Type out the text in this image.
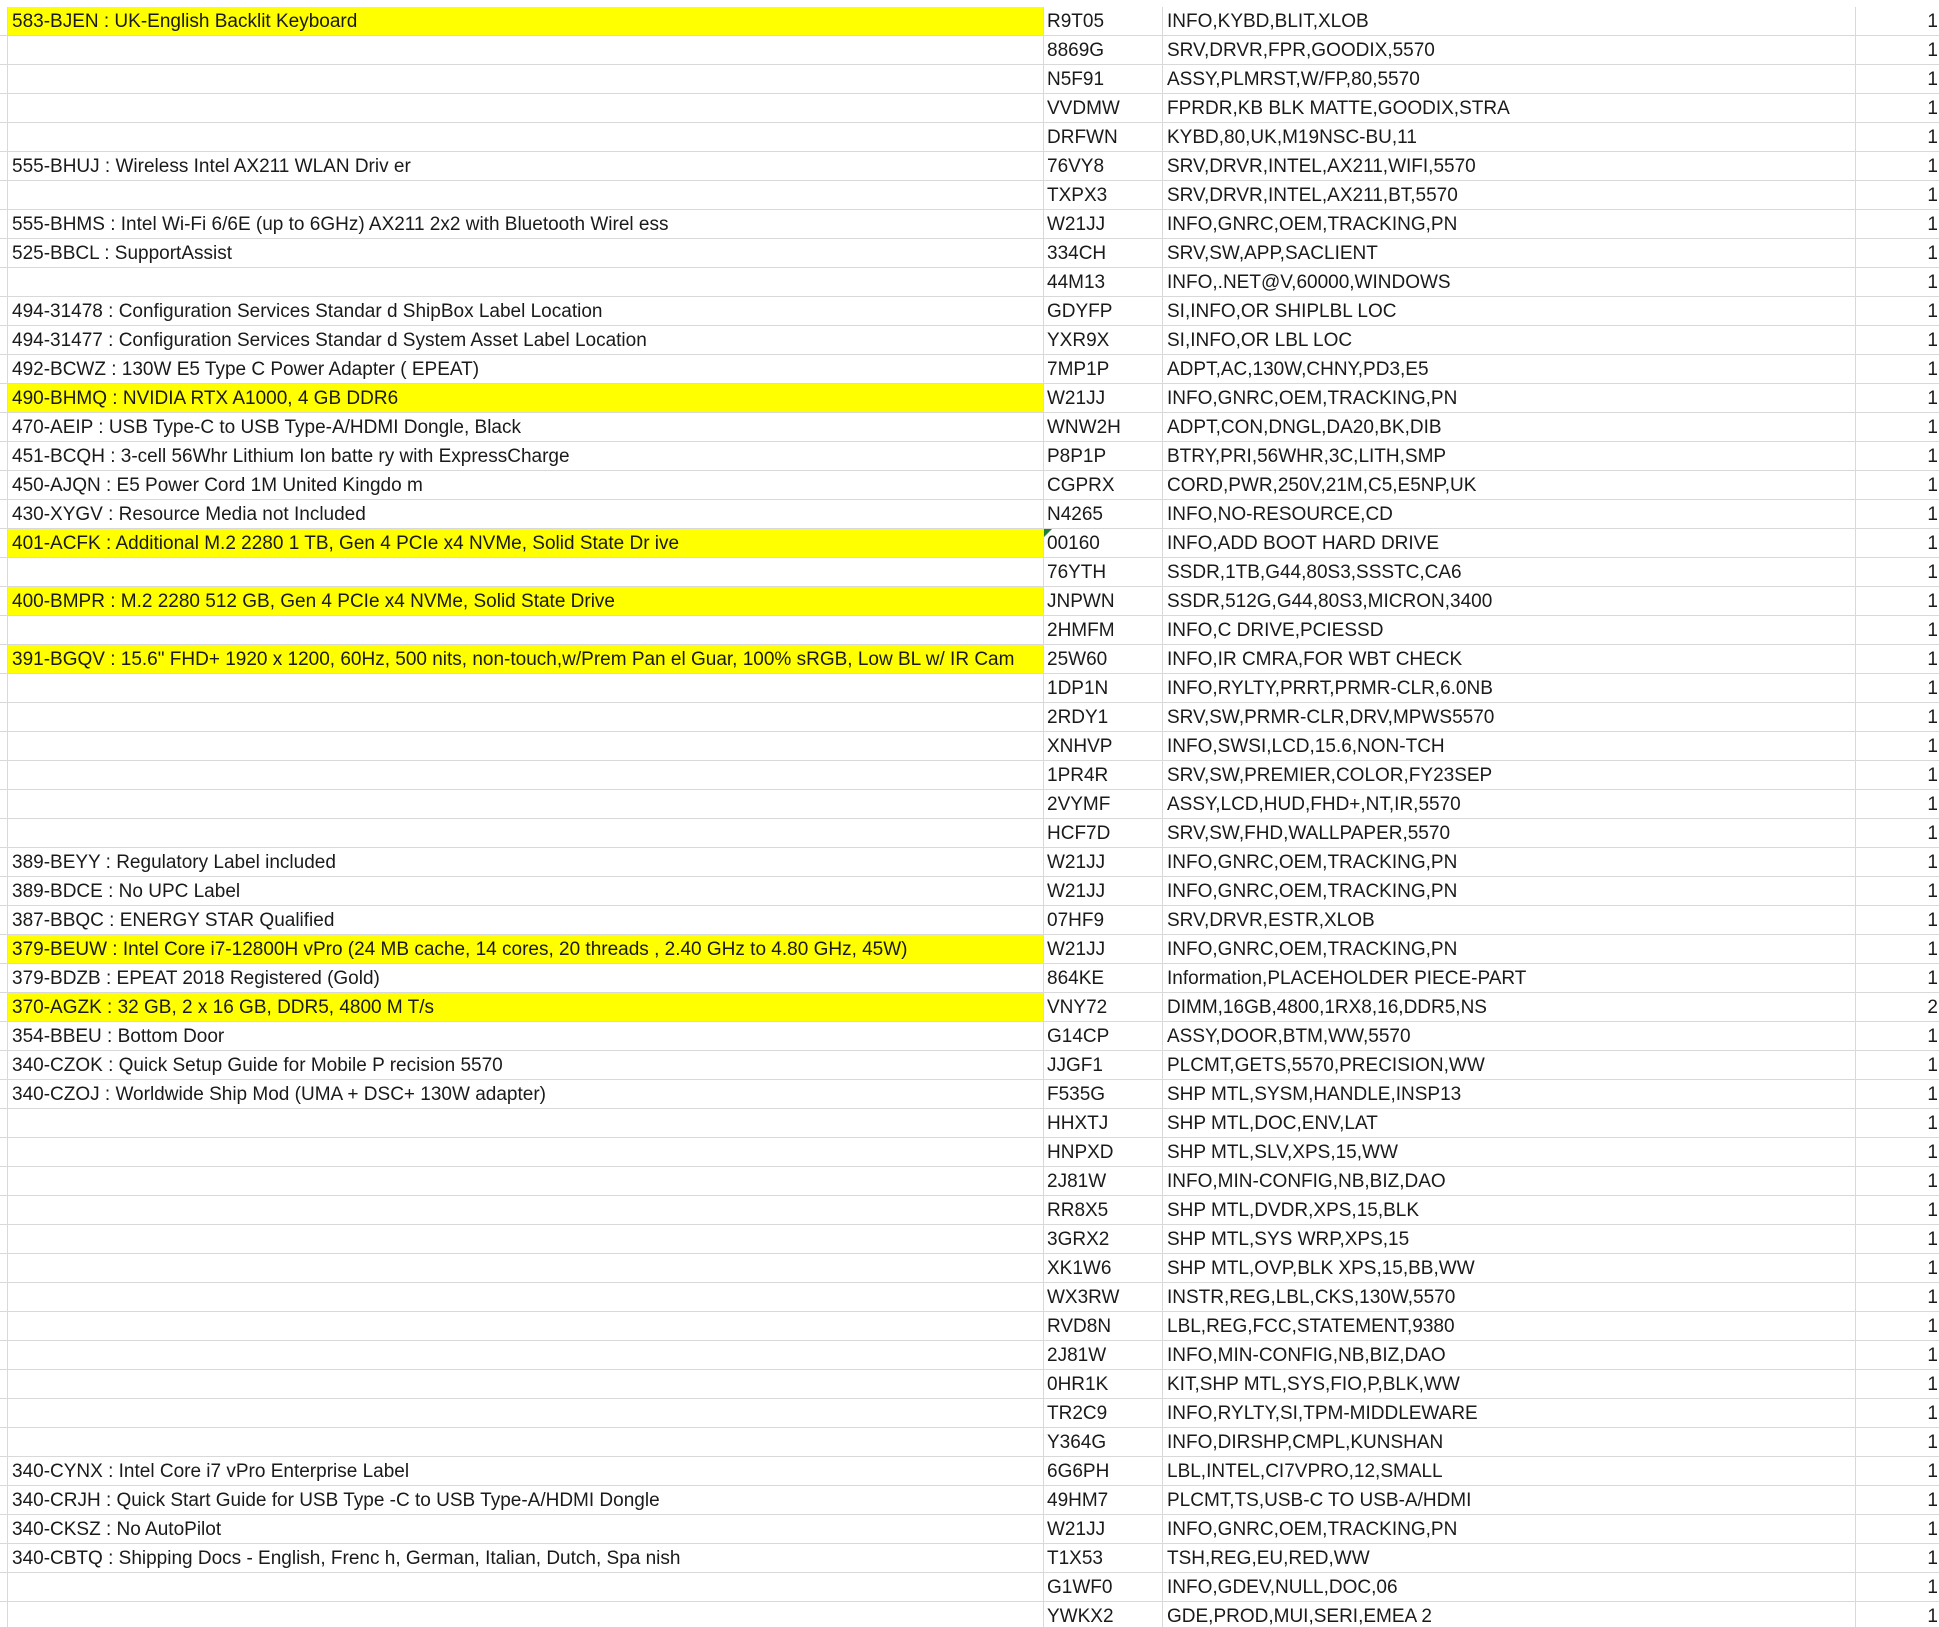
583-BJEN : UK-English Backlit Keyboard	R9T05	INFO,KYBD,BLIT,XLOB	1
8869G	SRV,DRVR,FPR,GOODIX,5570	1
N5F91	ASSY,PLMRST,W/FP,80,5570	1
VVDMW	FPRDR,KB BLK MATTE,GOODIX,STRA	1
DRFWN	KYBD,80,UK,M19NSC-BU,11	1
555-BHUJ : Wireless Intel AX211 WLAN Driv er	76VY8	SRV,DRVR,INTEL,AX211,WIFI,5570	1
TXPX3	SRV,DRVR,INTEL,AX211,BT,5570	1
555-BHMS : Intel Wi-Fi 6/6E (up to 6GHz) AX211 2x2 with Bluetooth Wirel ess	W21JJ	INFO,GNRC,OEM,TRACKING,PN	1
525-BBCL : SupportAssist	334CH	SRV,SW,APP,SACLIENT	1
44M13	INFO,.NET@V,60000,WINDOWS	1
494-31478 : Configuration Services Standar d ShipBox Label Location	GDYFP	SI,INFO,OR SHIPLBL LOC	1
494-31477 : Configuration Services Standar d System Asset Label Location	YXR9X	SI,INFO,OR LBL LOC	1
492-BCWZ : 130W E5 Type C Power Adapter ( EPEAT)	7MP1P	ADPT,AC,130W,CHNY,PD3,E5	1
490-BHMQ : NVIDIA RTX A1000, 4 GB DDR6	W21JJ	INFO,GNRC,OEM,TRACKING,PN	1
470-AEIP : USB Type-C to USB Type-A/HDMI Dongle, Black	WNW2H	ADPT,CON,DNGL,DA20,BK,DIB	1
451-BCQH : 3-cell 56Whr Lithium Ion batte ry with ExpressCharge	P8P1P	BTRY,PRI,56WHR,3C,LITH,SMP	1
450-AJQN : E5 Power Cord 1M United Kingdo m	CGPRX	CORD,PWR,250V,21M,C5,E5NP,UK	1
430-XYGV : Resource Media not Included	N4265	INFO,NO-RESOURCE,CD	1
401-ACFK : Additional M.2 2280 1 TB, Gen 4 PCIe x4 NVMe, Solid State Dr ive	00160	INFO,ADD BOOT HARD DRIVE	1
76YTH	SSDR,1TB,G44,80S3,SSSTC,CA6	1
400-BMPR : M.2 2280 512 GB, Gen 4 PCIe x4 NVMe, Solid State Drive	JNPWN	SSDR,512G,G44,80S3,MICRON,3400	1
2HMFM	INFO,C DRIVE,PCIESSD	1
391-BGQV : 15.6" FHD+ 1920 x 1200, 60Hz, 500 nits, non-touch,w/Prem Pan el Guar, 100% sRGB, Low BL w/ IR Cam	25W60	INFO,IR CMRA,FOR WBT CHECK	1
1DP1N	INFO,RYLTY,PRRT,PRMR-CLR,6.0NB	1
2RDY1	SRV,SW,PRMR-CLR,DRV,MPWS5570	1
XNHVP	INFO,SWSI,LCD,15.6,NON-TCH	1
1PR4R	SRV,SW,PREMIER,COLOR,FY23SEP	1
2VYMF	ASSY,LCD,HUD,FHD+,NT,IR,5570	1
HCF7D	SRV,SW,FHD,WALLPAPER,5570	1
389-BEYY : Regulatory Label included	W21JJ	INFO,GNRC,OEM,TRACKING,PN	1
389-BDCE : No UPC Label	W21JJ	INFO,GNRC,OEM,TRACKING,PN	1
387-BBQC : ENERGY STAR Qualified	07HF9	SRV,DRVR,ESTR,XLOB	1
379-BEUW : Intel Core i7-12800H vPro (24 MB cache, 14 cores, 20 threads , 2.40 GHz to 4.80 GHz, 45W)	W21JJ	INFO,GNRC,OEM,TRACKING,PN	1
379-BDZB : EPEAT 2018 Registered (Gold)	864KE	Information,PLACEHOLDER PIECE-PART	1
370-AGZK : 32 GB, 2 x 16 GB, DDR5, 4800 M T/s	VNY72	DIMM,16GB,4800,1RX8,16,DDR5,NS	2
354-BBEU : Bottom Door	G14CP	ASSY,DOOR,BTM,WW,5570	1
340-CZOK : Quick Setup Guide for Mobile P recision 5570	JJGF1	PLCMT,GETS,5570,PRECISION,WW	1
340-CZOJ : Worldwide Ship Mod (UMA + DSC+ 130W adapter)	F535G	SHP MTL,SYSM,HANDLE,INSP13	1
HHXTJ	SHP MTL,DOC,ENV,LAT	1
HNPXD	SHP MTL,SLV,XPS,15,WW	1
2J81W	INFO,MIN-CONFIG,NB,BIZ,DAO	1
RR8X5	SHP MTL,DVDR,XPS,15,BLK	1
3GRX2	SHP MTL,SYS WRP,XPS,15	1
XK1W6	SHP MTL,OVP,BLK XPS,15,BB,WW	1
WX3RW	INSTR,REG,LBL,CKS,130W,5570	1
RVD8N	LBL,REG,FCC,STATEMENT,9380	1
2J81W	INFO,MIN-CONFIG,NB,BIZ,DAO	1
0HR1K	KIT,SHP MTL,SYS,FIO,P,BLK,WW	1
TR2C9	INFO,RYLTY,SI,TPM-MIDDLEWARE	1
Y364G	INFO,DIRSHP,CMPL,KUNSHAN	1
340-CYNX : Intel Core i7 vPro Enterprise Label	6G6PH	LBL,INTEL,CI7VPRO,12,SMALL	1
340-CRJH : Quick Start Guide for USB Type -C to USB Type-A/HDMI Dongle	49HM7	PLCMT,TS,USB-C TO USB-A/HDMI	1
340-CKSZ : No AutoPilot	W21JJ	INFO,GNRC,OEM,TRACKING,PN	1
340-CBTQ : Shipping Docs - English, Frenc h, German, Italian, Dutch, Spa nish	T1X53	TSH,REG,EU,RED,WW	1
G1WF0	INFO,GDEV,NULL,DOC,06	1
YWKX2	GDE,PROD,MUI,SERI,EMEA 2	1
